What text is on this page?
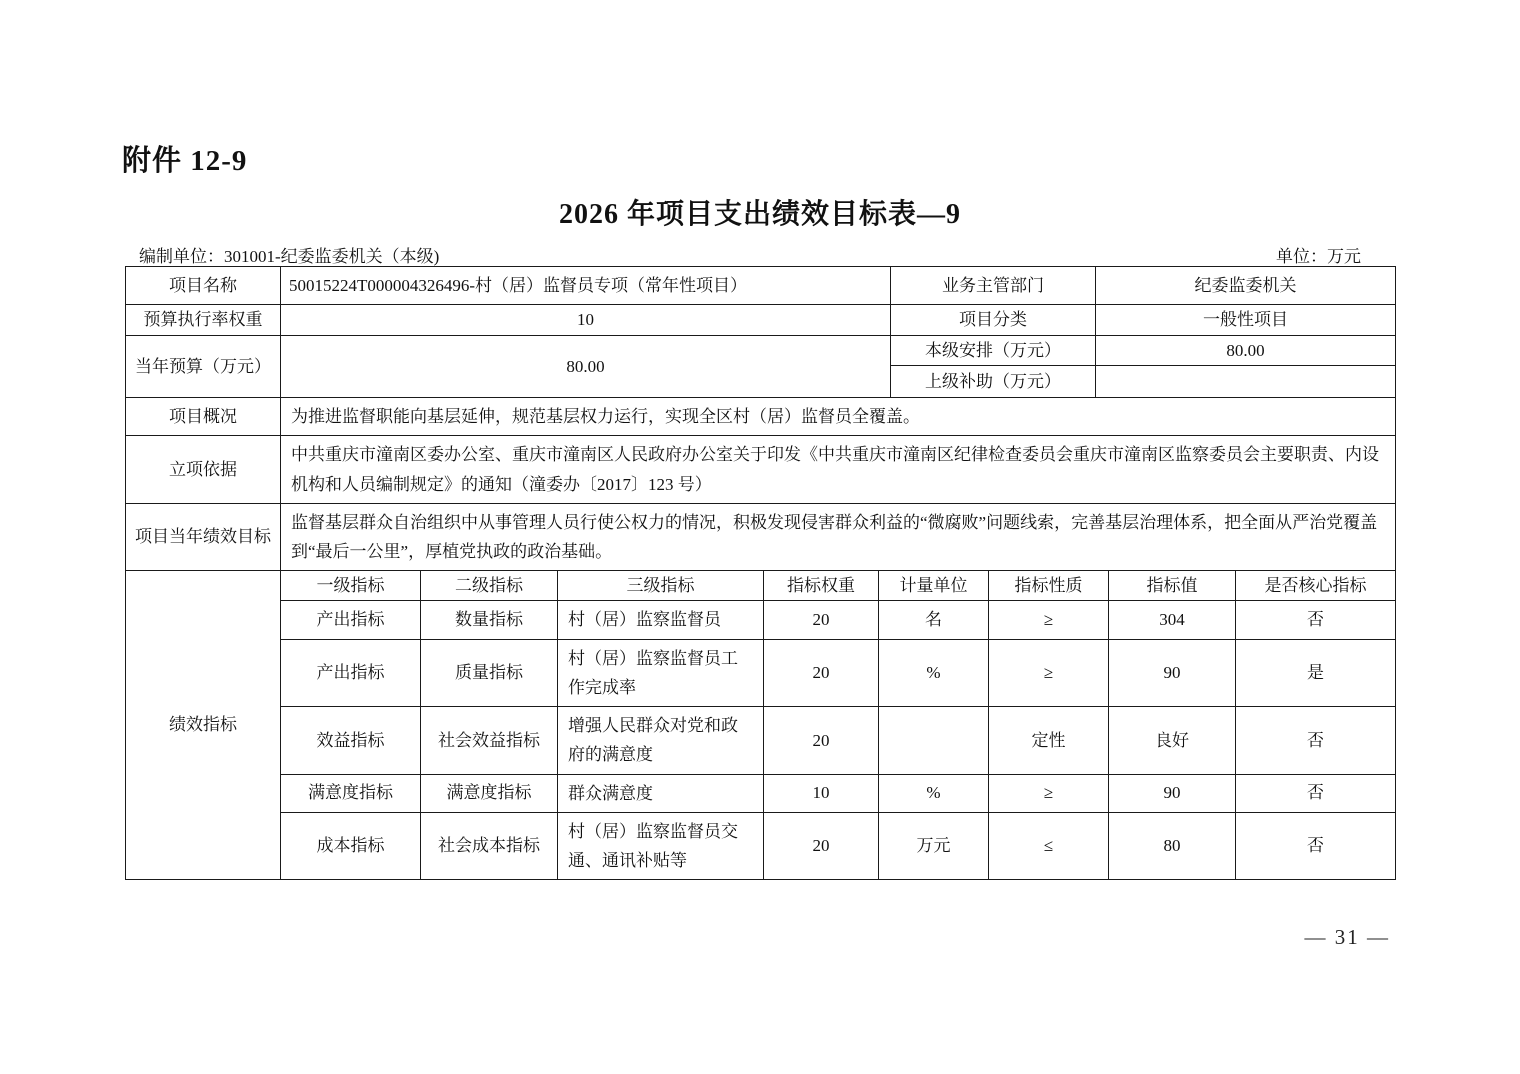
附件 12-9
2026 年项目支出绩效目标表—9
编制单位：301001-纪委监委机关（本级)	单位：万元
项目名称	50015224T000004326496-村（居）监督员专项（常年性项目）	业务主管部门	纪委监委机关
预算执行率权重	10	项目分类	一般性项目
当年预算（万元）	80.00	本级安排（万元）	80.00
		上级补助（万元）	
项目概况	为推进监督职能向基层延伸，规范基层权力运行，实现全区村（居）监督员全覆盖。		
立项依据	中共重庆市潼南区委办公室、重庆市潼南区人民政府办公室关于印发《中共重庆市潼南区纪律检查委员会重庆市潼南区监察委员会主要职责、内设机构和人员编制规定》的通知（潼委办〔2017〕123 号）		
项目当年绩效目标	监督基层群众自治组织中从事管理人员行使公权力的情况，积极发现侵害群众利益的“微腐败”问题线索，完善基层治理体系，把全面从严治党覆盖到“最后一公里”，厚植党执政的政治基础。		
绩效指标	一级指标	二级指标	三级指标	指标权重	计量单位	指标性质	指标值	是否核心指标
	产出指标	数量指标	村（居）监察监督员	20	名	≥	304	否
	产出指标	质量指标	村（居）监察监督员工作完成率	20	%	≥	90	是
	效益指标	社会效益指标	增强人民群众对党和政府的满意度	20		定性	良好	否
	满意度指标	满意度指标	群众满意度	10	%	≥	90	否
	成本指标	社会成本指标	村（居）监察监督员交通、通讯补贴等	20	万元	≤	80	否
— 31 —
